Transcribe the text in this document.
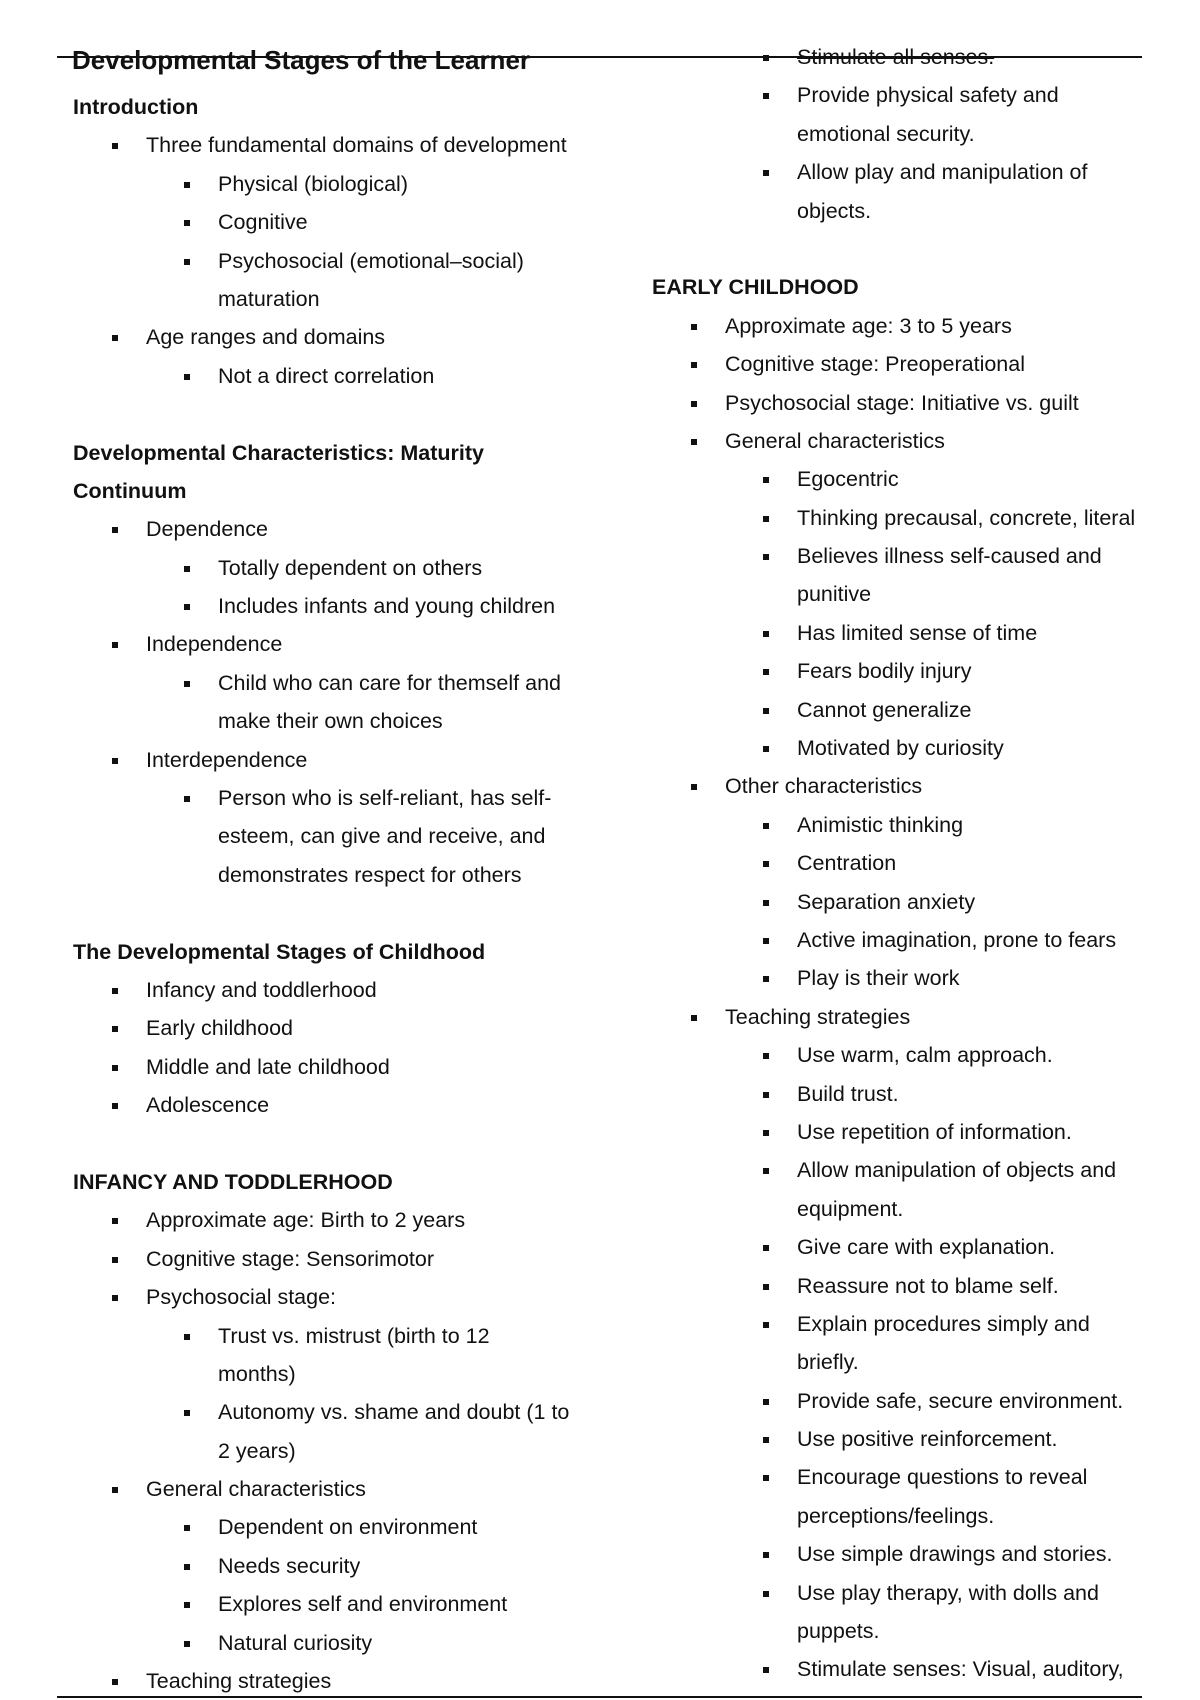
Developmental Stages of the Learner
Introduction
Three fundamental domains of development
Physical (biological)
Cognitive
Psychosocial (emotional–social)
maturation
Age ranges and domains
Not a direct correlation
Developmental Characteristics: Maturity
Continuum
Dependence
Totally dependent on others
Includes infants and young children
Independence
Child who can care for themself and
make their own choices
Interdependence
Person who is self-reliant, has self-
esteem, can give and receive, and
demonstrates respect for others
The Developmental Stages of Childhood
Infancy and toddlerhood
Early childhood
Middle and late childhood
Adolescence
INFANCY AND TODDLERHOOD
Approximate age: Birth to 2 years
Cognitive stage: Sensorimotor
Psychosocial stage:
Trust vs. mistrust (birth to 12
months)
Autonomy vs. shame and doubt (1 to
2 years)
General characteristics
Dependent on environment
Needs security
Explores self and environment
Natural curiosity
Teaching strategies
Stimulate all senses.
Provide physical safety and
emotional security.
Allow play and manipulation of
objects.
EARLY CHILDHOOD
Approximate age: 3 to 5 years
Cognitive stage: Preoperational
Psychosocial stage: Initiative vs. guilt
General characteristics
Egocentric
Thinking precausal, concrete, literal
Believes illness self-caused and
punitive
Has limited sense of time
Fears bodily injury
Cannot generalize
Motivated by curiosity
Other characteristics
Animistic thinking
Centration
Separation anxiety
Active imagination, prone to fears
Play is their work
Teaching strategies
Use warm, calm approach.
Build trust.
Use repetition of information.
Allow manipulation of objects and
equipment.
Give care with explanation.
Reassure not to blame self.
Explain procedures simply and
briefly.
Provide safe, secure environment.
Use positive reinforcement.
Encourage questions to reveal
perceptions/feelings.
Use simple drawings and stories.
Use play therapy, with dolls and
puppets.
Stimulate senses: Visual, auditory,
